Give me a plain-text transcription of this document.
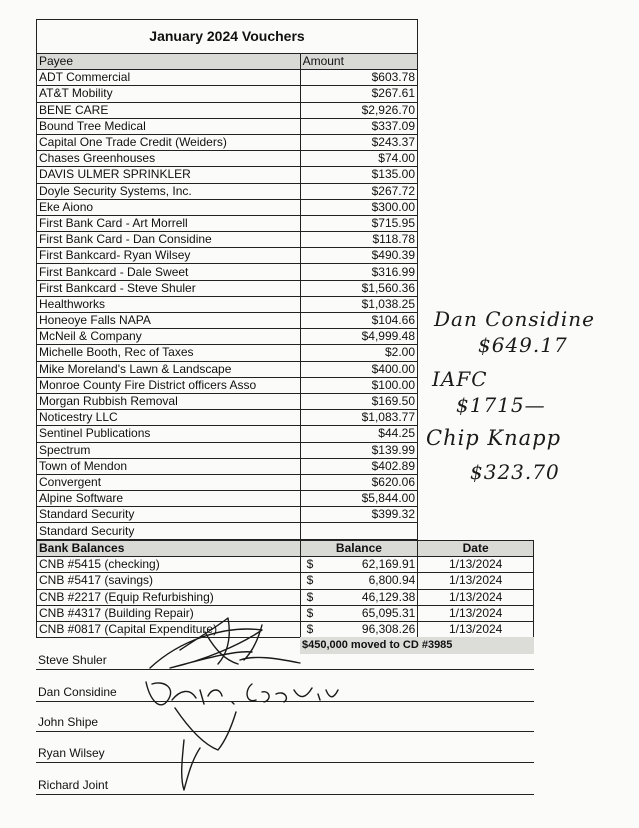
January 2024 Vouchers	
Payee	Amount
ADT Commercial	$603.78
AT&T Mobility	$267.61
BENE CARE	$2,926.70
Bound Tree Medical	$337.09
Capital One Trade Credit (Weiders)	$243.37
Chases Greenhouses	$74.00
DAVIS ULMER SPRINKLER	$135.00
Doyle Security Systems, Inc.	$267.72
Eke Aiono	$300.00
First Bank Card - Art Morrell	$715.95
First Bank Card - Dan Considine	$118.78
First Bankcard- Ryan Wilsey	$490.39
First Bankcard - Dale Sweet	$316.99
First Bankcard - Steve Shuler	$1,560.36
Healthworks	$1,038.25
Honeoye Falls NAPA	$104.66
McNeil & Company	$4,999.48
Michelle Booth, Rec of Taxes	$2.00
Mike Moreland's Lawn & Landscape	$400.00
Monroe County Fire District officers Asso	$100.00
Morgan Rubbish Removal	$169.50
Noticestry LLC	$1,083.77
Sentinel Publications	$44.25
Spectrum	$139.99
Town of Mendon	$402.89
Convergent	$620.06
Alpine Software	$5,844.00
Standard Security	$399.32
Standard Security	
Bank Balances	Balance	Date
CNB #5415 (checking)	$ 62,169.91	1/13/2024
CNB #5417 (savings)	$ 6,800.94	1/13/2024
CNB #2217 (Equip Refurbishing)	$ 46,129.38	1/13/2024
CNB #4317 (Building Repair)	$ 65,095.31	1/13/2024
CNB #0817 (Capital Expenditure)	$ 96,308.26	1/13/2024
$450,000 moved to CD #3985
Steve Shuler
Dan Considine
John Shipe
Ryan Wilsey
Richard Joint
Dan Considine
$649.17
IAFC
$1715—
Chip Knapp
$323.70
